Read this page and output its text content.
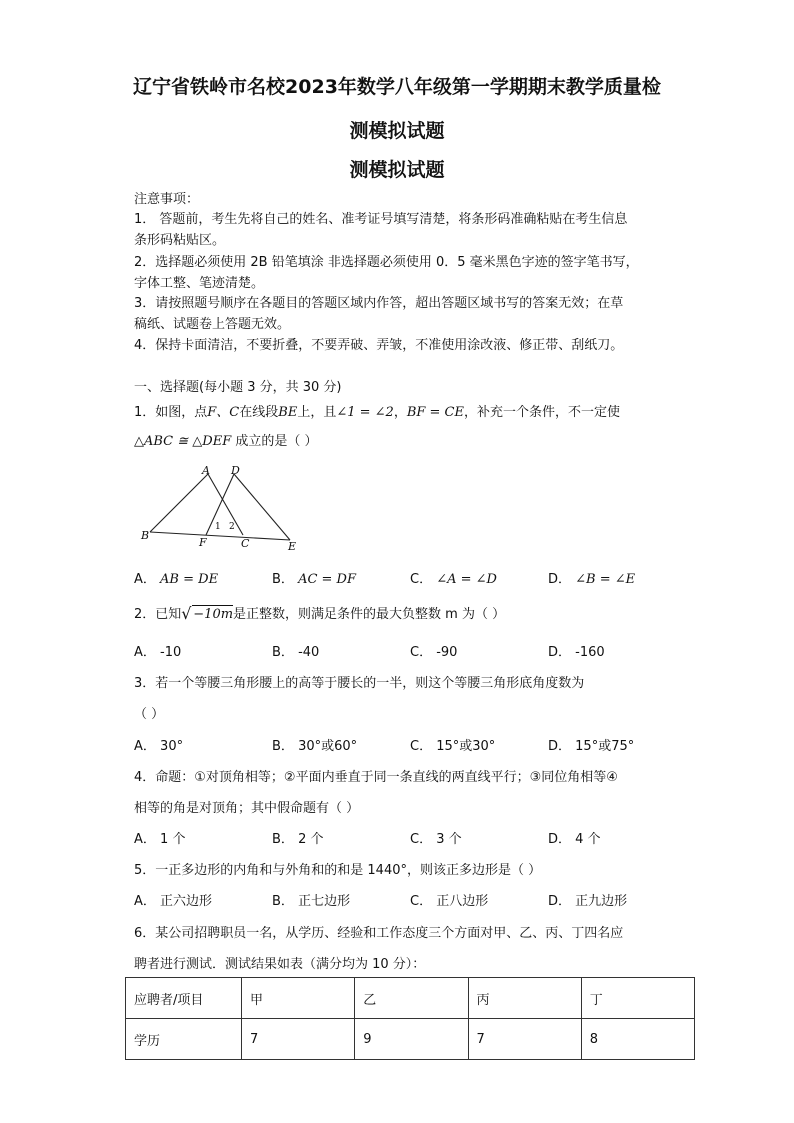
辽宁省铁岭市名校2023年数学八年级第一学期期末教学质量检
测模拟试题
测模拟试题
注意事项：
1． 答题前，考生先将自己的姓名、准考证号填写清楚，将条形码准确粘贴在考生信息
条形码粘贴区。
2．选择题必须使用 2B 铅笔填涂 非选择题必须使用 0．5 毫米黑色字迹的签字笔书写，
字体工整、笔迹清楚。
3．请按照题号顺序在各题目的答题区域内作答，超出答题区域书写的答案无效；在草
稿纸、试题卷上答题无效。
4．保持卡面清洁，不要折叠，不要弄破、弄皱，不准使用涂改液、修正带、刮纸刀。
一、选择题(每小题 3 分，共 30 分)
1．如图，点F、C在线段BE上，且∠1 = ∠2，BF = CE，补充一个条件，不一定使
△ABC ≅ △DEF 成立的是（ ）
A D
B
F	C	E
1 2
A． AB = DE	B． AC = DF	C． ∠A = ∠D	D． ∠B = ∠E
2．已知 √ −10m是正整数，则满足条件的最大负整数 m 为（ ）
A． -10	B． -40	C． -90	D． -160
3．若一个等腰三角形腰上的高等于腰长的一半，则这个等腰三角形底角度数为
（ ）
A． 30°	B． 30°或60°	C． 15°或30°	D． 15°或75°
4．命题：①对顶角相等；②平面内垂直于同一条直线的两直线平行；③同位角相等④
相等的角是对顶角；其中假命题有（ ）
A． 1 个	B． 2 个	C． 3 个	D． 4 个
5．一正多边形的内角和与外角和的和是 1440°，则该正多边形是（ ）
A． 正六边形	B． 正七边形	C． 正八边形	D． 正九边形
6．某公司招聘职员一名，从学历、经验和工作态度三个方面对甲、乙、丙、丁四名应
聘者进行测试．测试结果如表（满分均为 10 分）：
应聘者/项目	甲	乙	丙	丁
学历	7	9	7	8
